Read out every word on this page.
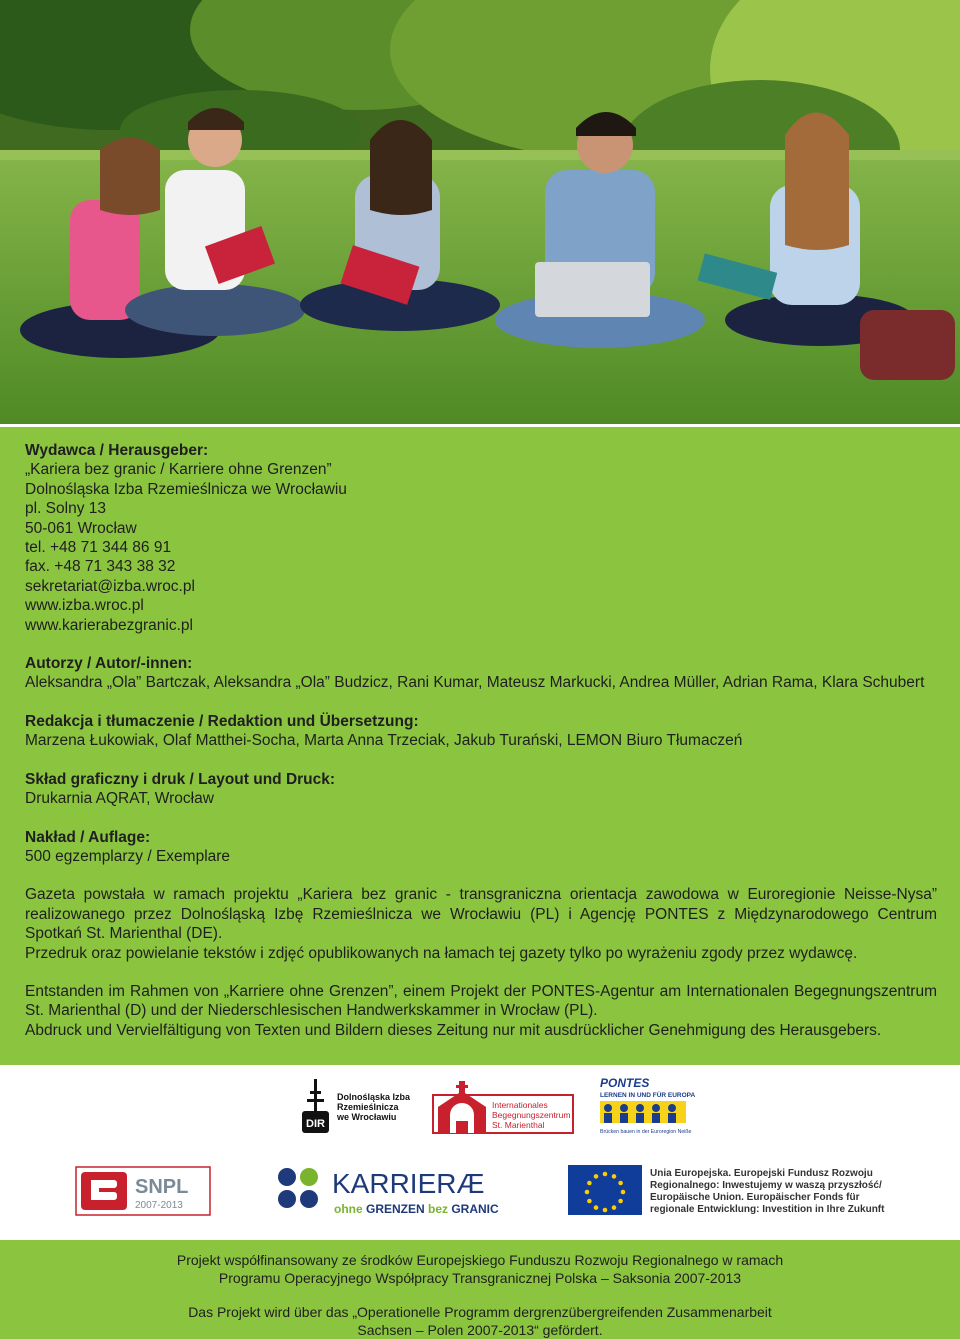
Wydawca / Herausgeber:
„Kariera bez granic / Karriere ohne Grenzen”
Dolnośląska Izba Rzemieślnicza we Wrocławiu
pl. Solny 13
50-061 Wrocław
tel. +48 71 344 86 91
fax. +48 71 343 38 32
sekretariat@izba.wroc.pl
www.izba.wroc.pl
www.karierabezgranic.pl
Autorzy / Autor/-innen:
Aleksandra „Ola” Bartczak, Aleksandra „Ola” Budzicz, Rani Kumar, Mateusz Markucki, Andrea Müller, Adrian Rama, Klara Schubert
Redakcja i tłumaczenie / Redaktion und Übersetzung:
Marzena Łukowiak, Olaf Matthei-Socha, Marta Anna Trzeciak, Jakub Turański, LEMON Biuro Tłumaczeń
Skład graficzny i druk / Layout und Druck:
Drukarnia AQRAT, Wrocław
Nakład / Auflage:
500 egzemplarzy / Exemplare
Gazeta powstała w ramach projektu „Kariera bez granic - transgraniczna orientacja zawodowa w Euroregionie Neisse-Nysa” realizowanego przez Dolnośląską Izbę Rzemieślnicza we Wrocławiu (PL) i Agencję PONTES z Międzynarodowego Centrum Spotkań St. Marienthal (DE).
Przedruk oraz powielanie tekstów i zdjęć opublikowanych na łamach tej gazety tylko po wyrażeniu zgody przez wydawcę.
Entstanden im Rahmen von „Karriere ohne Grenzen”, einem Projekt der PONTES-Agentur am Internationalen Begegnungszentrum St. Marienthal (D) und der Niederschlesischen Handwerkskammer in Wrocław (PL).
Abdruck und Vervielfältigung von Texten und Bildern dieses Zeitung nur mit ausdrücklicher Genehmigung des Herausgebers.
DIR
Dolnośląska Izba
Rzemieślnicza
we Wrocławiu
Internationales
Begegnungszentrum
St. Marienthal
PONTES
LERNEN IN UND FÜR EUROPA
Brücken bauen in der Euroregion Neiße
SNPL
2007-2013
KARRIERÆ
ohne GRENZEN bez GRANIC
Unia Europejska. Europejski Fundusz Rozwoju
Regionalnego: Inwestujemy w waszą przyszłość/
Europäische Union. Europäischer Fonds für
regionale Entwicklung: Investition in Ihre Zukunft

Projekt współfinansowany ze środków Europejskiego Funduszu Rozwoju Regionalnego w ramach

Programu Operacyjnego Współpracy Transgranicznej Polska – Saksonia 2007-2013

Das Projekt wird über das „Operationelle Programm dergrenzübergreifenden Zusammenarbeit

Sachsen – Polen 2007-2013“ gefördert.
